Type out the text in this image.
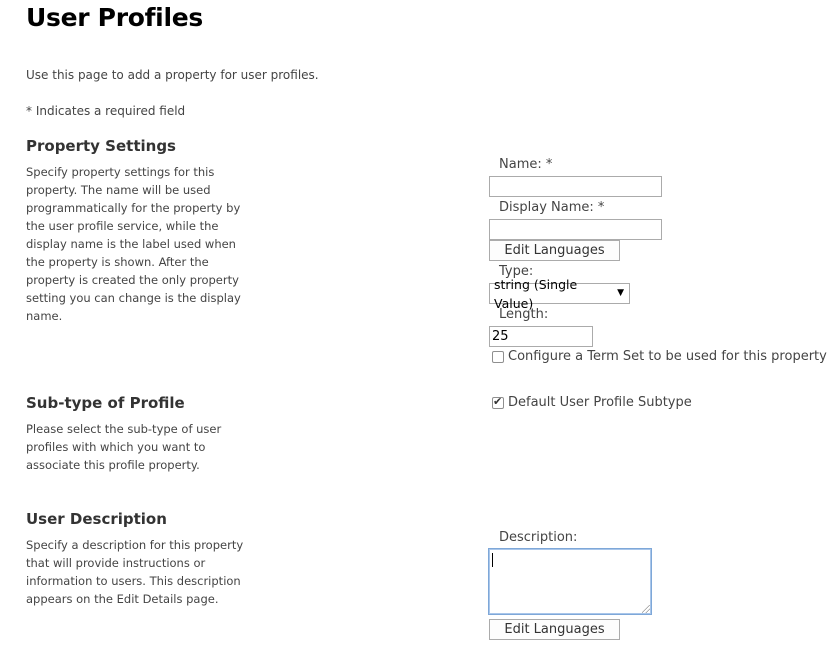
User Profiles
Use this page to add a property for user profiles.
* Indicates a required field
Property Settings

Specify property settings for this property. The name will be used programmatically for the property by the user profile service, while the display name is the label used when the property is shown. After the property is created the only property setting you can change is the display name.

Name: *
Display Name: *
Edit Languages
Type:
string (Single Value)
▼
Length:
25
Configure a Term Set to be used for this property
Sub-type of Profile

Please select the sub-type of user profiles with which you want to associate this profile property.

✔
Default User Profile Subtype
User Description

Specify a description for this property that will provide instructions or information to users. This description appears on the Edit Details page.

Description:
Edit Languages
